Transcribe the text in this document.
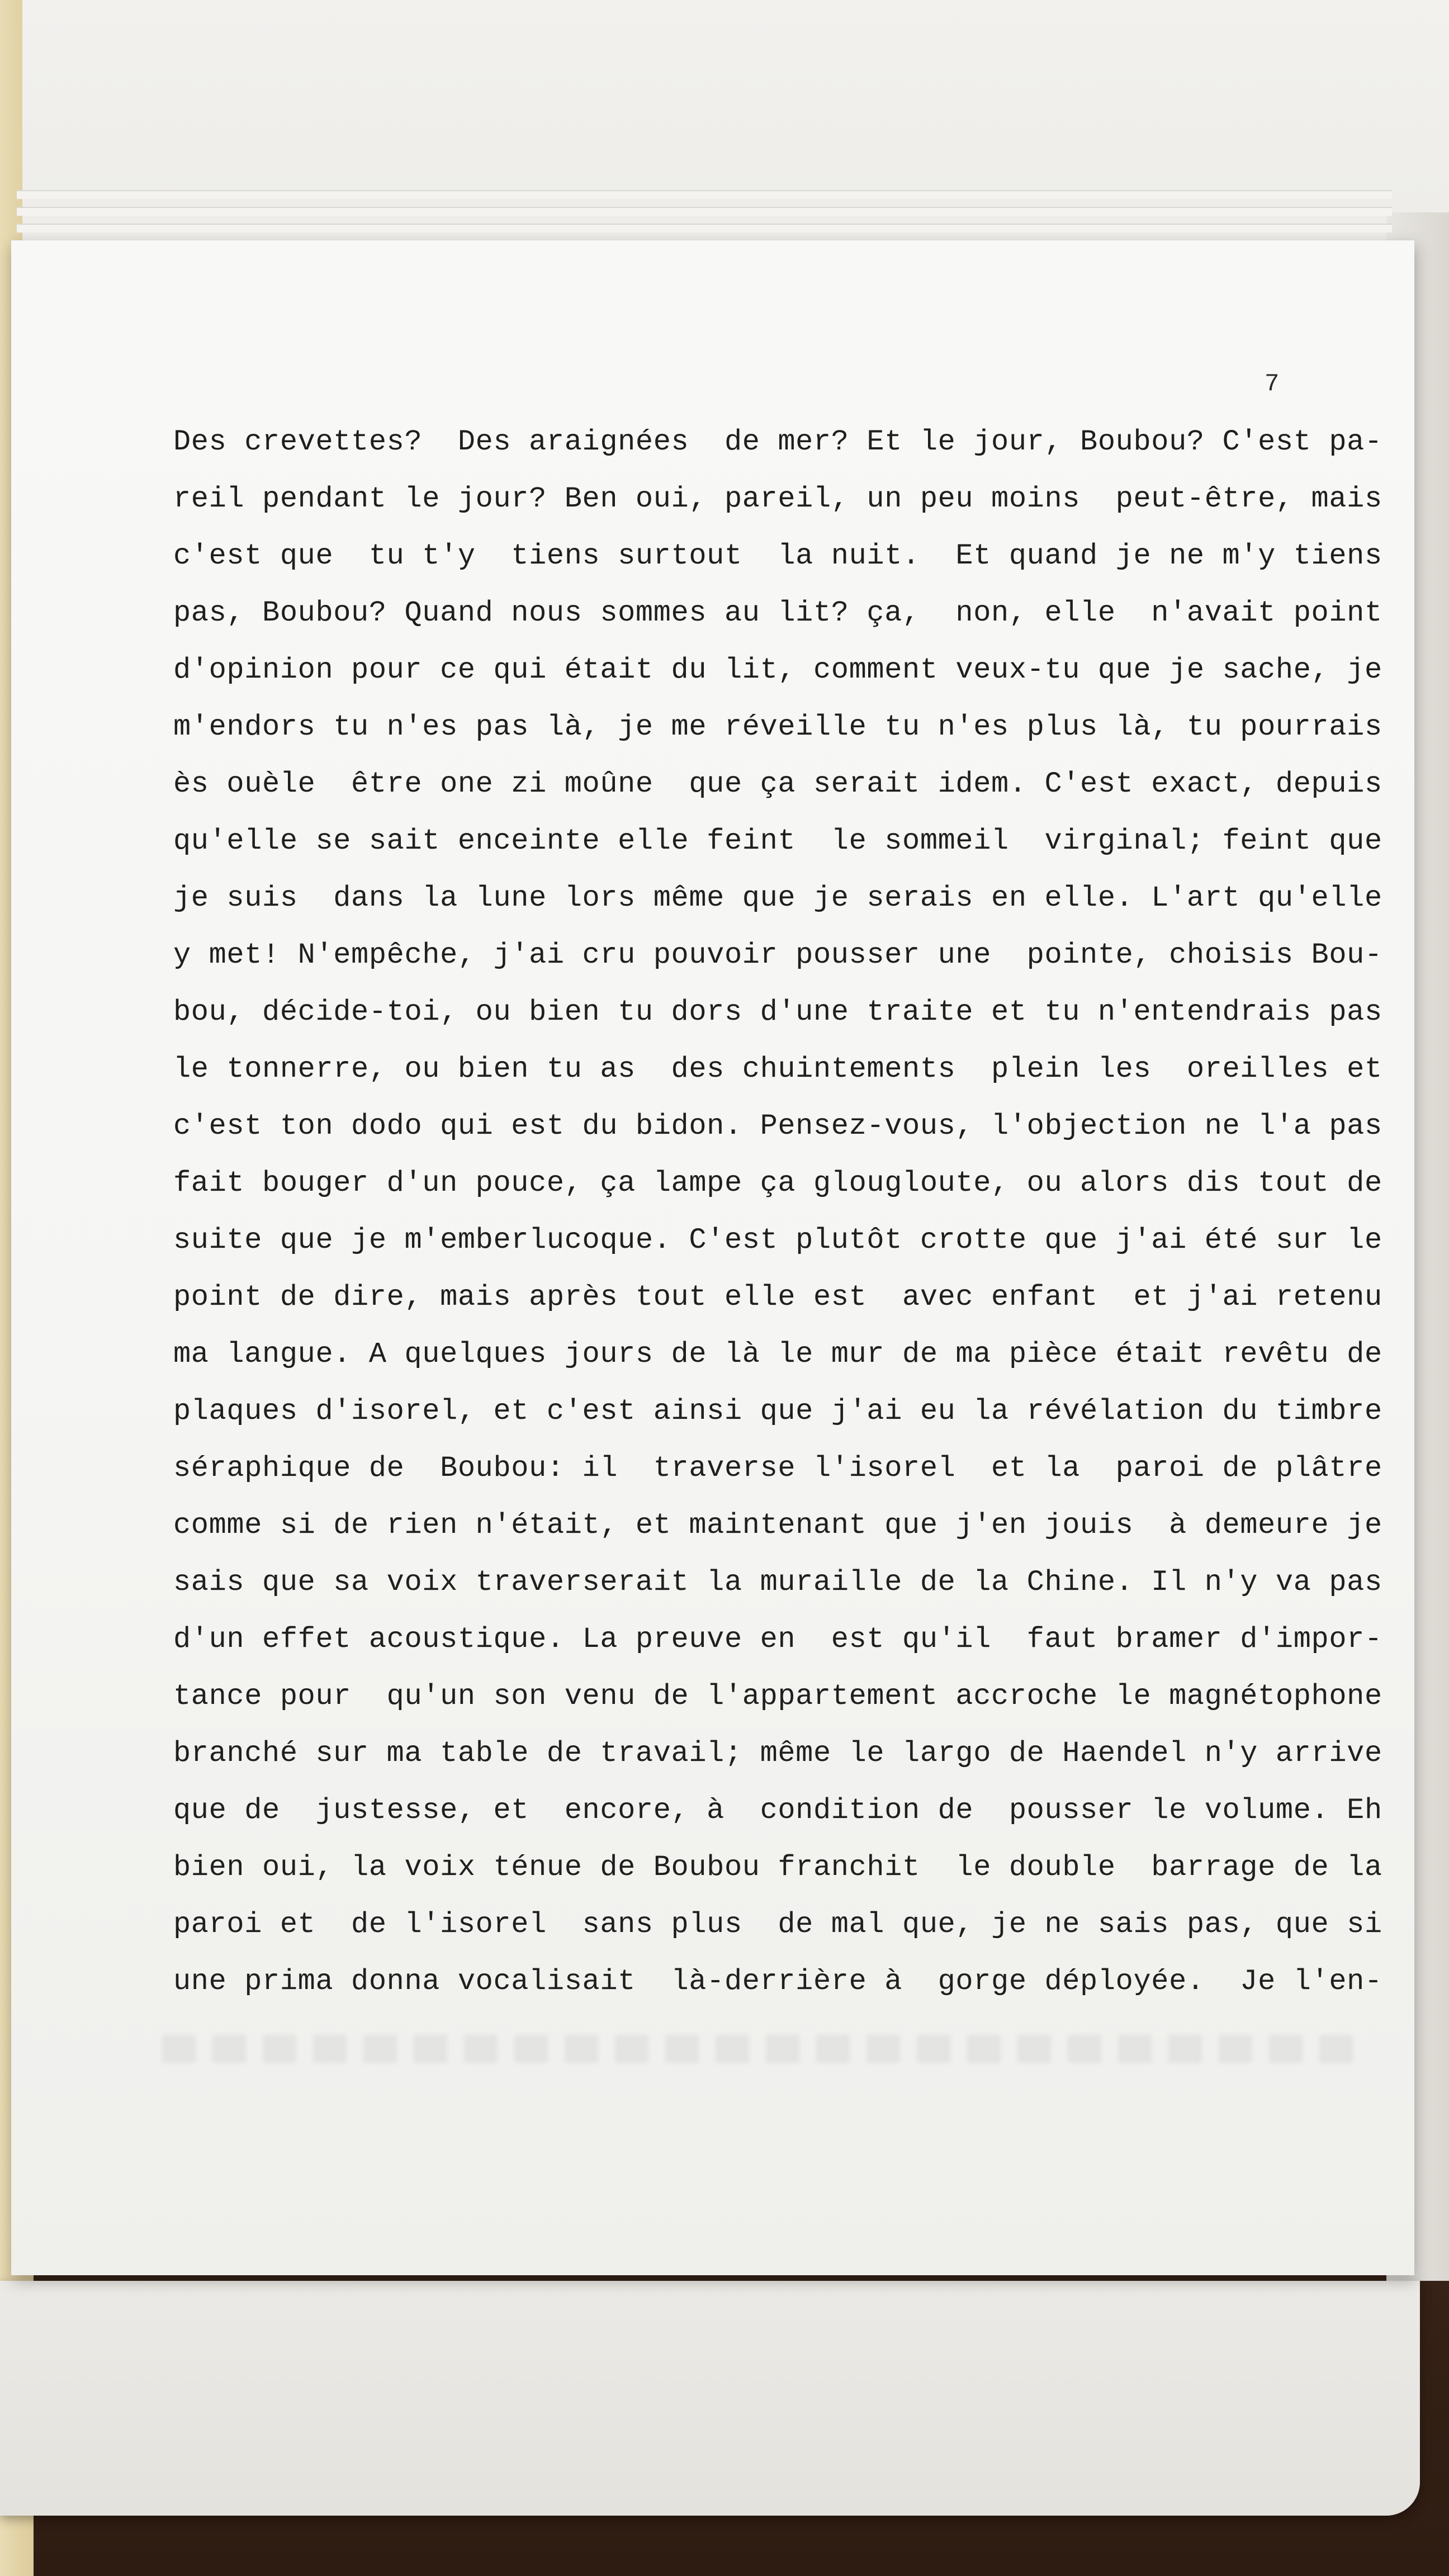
7
Des crevettes?  Des araignées  de mer? Et le jour, Boubou? C'est pa-
reil pendant le jour? Ben oui, pareil, un peu moins  peut-être, mais
c'est que  tu t'y  tiens surtout  la nuit.  Et quand je ne m'y tiens
pas, Boubou? Quand nous sommes au lit? ça,  non, elle  n'avait point
d'opinion pour ce qui était du lit, comment veux-tu que je sache, je
m'endors tu n'es pas là, je me réveille tu n'es plus là, tu pourrais
ès ouèle  être one zi moûne  que ça serait idem. C'est exact, depuis
qu'elle se sait enceinte elle feint  le sommeil  virginal; feint que
je suis  dans la lune lors même que je serais en elle. L'art qu'elle
y met! N'empêche, j'ai cru pouvoir pousser une  pointe, choisis Bou-
bou, décide-toi, ou bien tu dors d'une traite et tu n'entendrais pas
le tonnerre, ou bien tu as  des chuintements  plein les  oreilles et
c'est ton dodo qui est du bidon. Pensez-vous, l'objection ne l'a pas
fait bouger d'un pouce, ça lampe ça glougloute, ou alors dis tout de
suite que je m'emberlucoque. C'est plutôt crotte que j'ai été sur le
point de dire, mais après tout elle est  avec enfant  et j'ai retenu
ma langue. A quelques jours de là le mur de ma pièce était revêtu de
plaques d'isorel, et c'est ainsi que j'ai eu la révélation du timbre
séraphique de  Boubou: il  traverse l'isorel  et la  paroi de plâtre
comme si de rien n'était, et maintenant que j'en jouis  à demeure je
sais que sa voix traverserait la muraille de la Chine. Il n'y va pas
d'un effet acoustique. La preuve en  est qu'il  faut bramer d'impor-
tance pour  qu'un son venu de l'appartement accroche le magnétophone
branché sur ma table de travail; même le largo de Haendel n'y arrive
que de  justesse, et  encore, à  condition de  pousser le volume. Eh
bien oui, la voix ténue de Boubou franchit  le double  barrage de la
paroi et  de l'isorel  sans plus  de mal que, je ne sais pas, que si
une prima donna vocalisait  là-derrière à  gorge déployée.  Je l'en-
